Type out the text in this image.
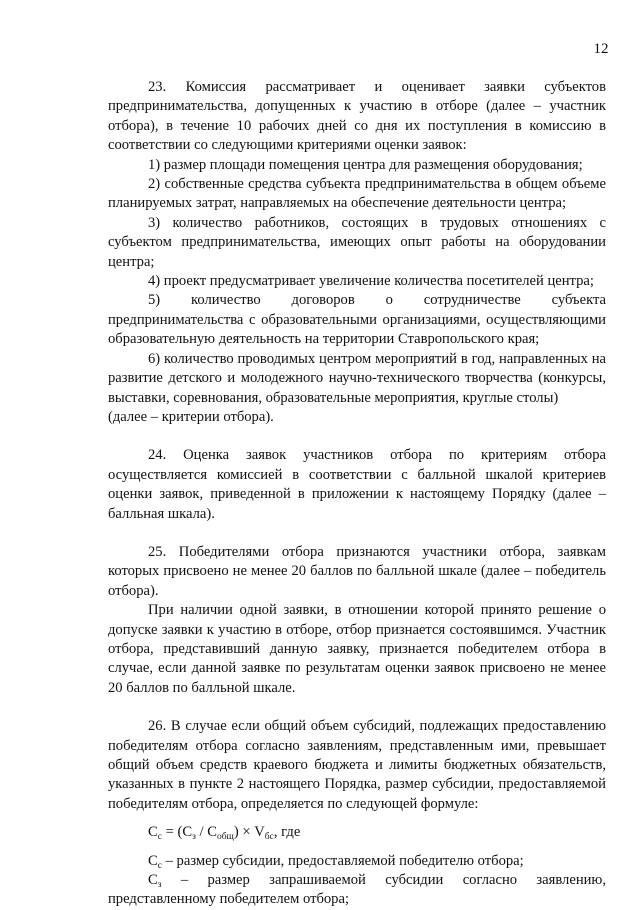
12

23. Комиссия рассматривает и оценивает заявки субъектов предпринимательства, допущенных к участию в отборе (далее – участник отбора), в течение 10 рабочих дней со дня их поступления в комиссию в соответствии со следующими критериями оценки заявок:

1) размер площади помещения центра для размещения оборудования;

2) собственные средства субъекта предпринимательства в общем объеме планируемых затрат, направляемых на обеспечение деятельности центра;

3) количество работников, состоящих в трудовых отношениях с субъектом предпринимательства, имеющих опыт работы на оборудовании центра;

4) проект предусматривает увеличение количества посетителей центра;

5) количество договоров о сотрудничестве субъекта предпринимательства с образовательными организациями, осуществляющими образовательную деятельность на территории Ставропольского края;

6) количество проводимых центром мероприятий в год, направленных на развитие детского и молодежного научно-технического творчества (конкурсы, выставки, соревнования, образовательные мероприятия, круглые столы)

(далее – критерии отбора).

24. Оценка заявок участников отбора по критериям отбора осуществляется комиссией в соответствии с балльной шкалой критериев оценки заявок, приведенной в приложении к настоящему Порядку (далее – балльная шкала).

25. Победителями отбора признаются участники отбора, заявкам которых присвоено не менее 20 баллов по балльной шкале (далее – победитель отбора).

При наличии одной заявки, в отношении которой принято решение о допуске заявки к участию в отборе, отбор признается состоявшимся. Участник отбора, представивший данную заявку, признается победителем отбора в случае, если данной заявке по результатам оценки заявок присвоено не менее 20 баллов по балльной шкале.

26. В случае если общий объем субсидий, подлежащих предоставлению победителям отбора согласно заявлениям, представленным ими, превышает общий объем средств краевого бюджета и лимиты бюджетных обязательств, указанных в пункте 2 настоящего Порядка, размер субсидии, предоставляемой победителям отбора, определяется по следующей формуле:

$С_с = (С_з / С_{общ}) \times V_{бс}$, где

$С_с$ – размер субсидии, предоставляемой победителю отбора;

$С_з$ – размер запрашиваемой субсидии согласно заявлению, представленному победителем отбора;
